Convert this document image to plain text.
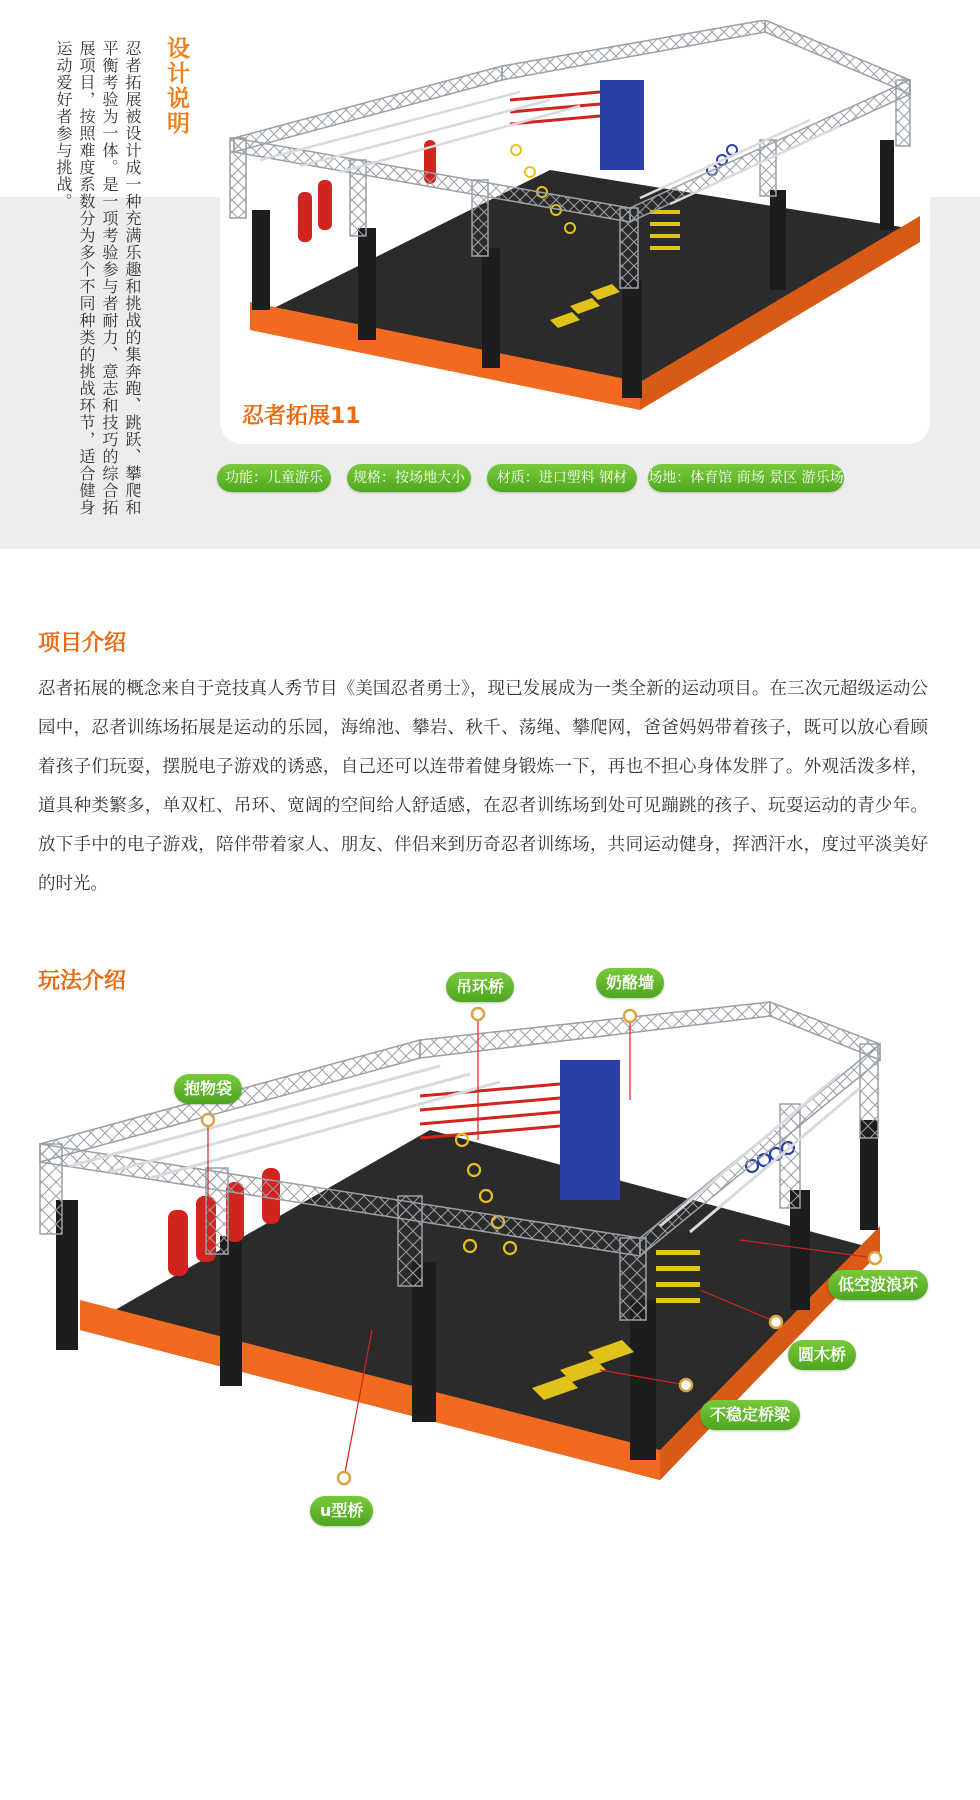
设计说明

忍者拓展被设计成一种充满乐趣和挑战的集奔跑、跳跃、攀爬和平衡考验为一体。是一项考验参与者耐力、意志和技巧的综合拓展项目，按照难度系数分为多个不同种类的挑战环节，适合健身运动爱好者参与挑战。

忍者拓展11
功能：儿童游乐	规格：按场地大小	材质：进口塑料 钢材	场地：体育馆 商场 景区 游乐场
项目介绍

忍者拓展的概念来自于竞技真人秀节目《美国忍者勇士》，现已发展成为一类全新的运动项目。在三次元超级运动公园中，忍者训练场拓展是运动的乐园，海绵池、攀岩、秋千、荡绳、攀爬网，爸爸妈妈带着孩子，既可以放心看顾着孩子们玩耍，摆脱电子游戏的诱惑，自己还可以连带着健身锻炼一下，再也不担心身体发胖了。外观活泼多样，道具种类繁多，单双杠、吊环、宽阔的空间给人舒适感，在忍者训练场到处可见蹦跳的孩子、玩耍运动的青少年。放下手中的电子游戏，陪伴带着家人、朋友、伴侣来到历奇忍者训练场，共同运动健身，挥洒汗水，度过平淡美好的时光。

玩法介绍	吊环桥	奶酪墙
抱物袋
低空波浪环
圆木桥
不稳定桥梁
u型桥
